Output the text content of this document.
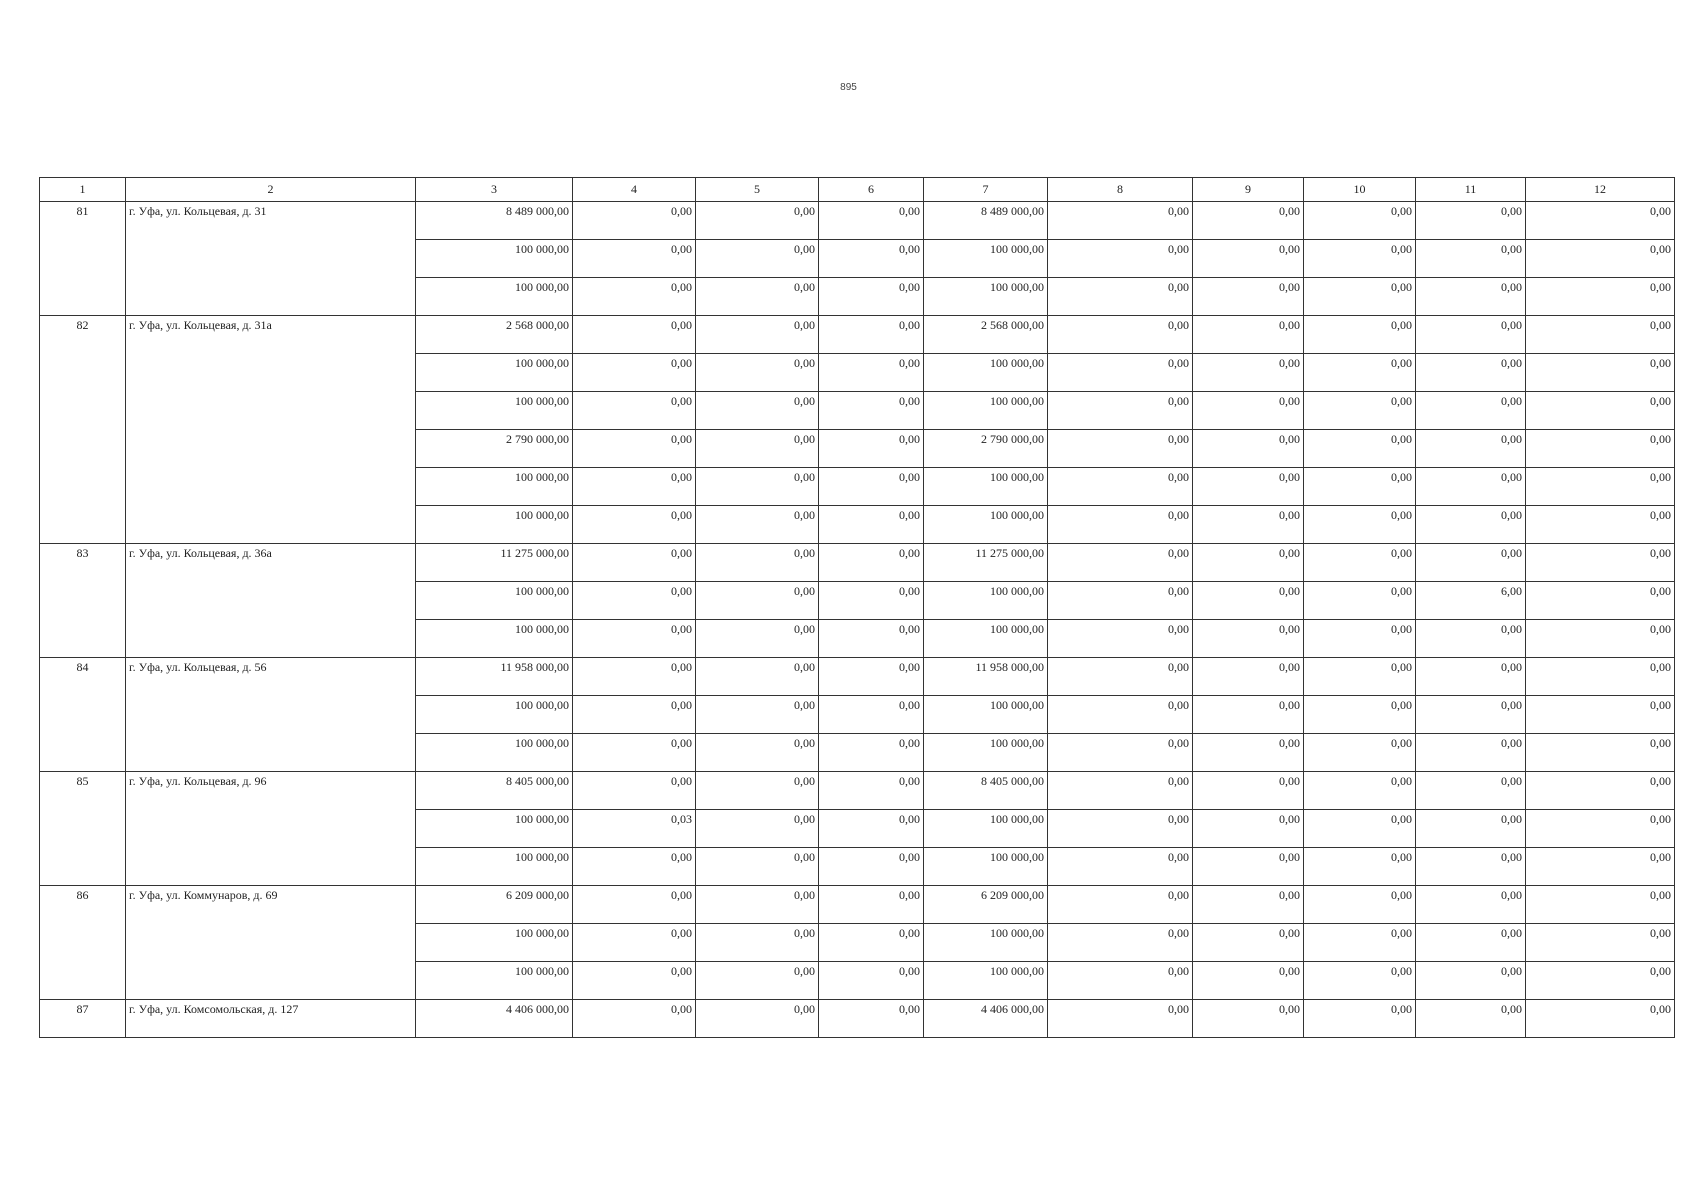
895
1	2	3	4	5	6	7	8	9	10	11	12
81	г. Уфа, ул. Кольцевая, д. 31	8 489 000,00	0,00	0,00	0,00	8 489 000,00	0,00	0,00	0,00	0,00	0,00
		100 000,00	0,00	0,00	0,00	100 000,00	0,00	0,00	0,00	0,00	0,00
		100 000,00	0,00	0,00	0,00	100 000,00	0,00	0,00	0,00	0,00	0,00
82	г. Уфа, ул. Кольцевая, д. 31а	2 568 000,00	0,00	0,00	0,00	2 568 000,00	0,00	0,00	0,00	0,00	0,00
		100 000,00	0,00	0,00	0,00	100 000,00	0,00	0,00	0,00	0,00	0,00
		100 000,00	0,00	0,00	0,00	100 000,00	0,00	0,00	0,00	0,00	0,00
		2 790 000,00	0,00	0,00	0,00	2 790 000,00	0,00	0,00	0,00	0,00	0,00
		100 000,00	0,00	0,00	0,00	100 000,00	0,00	0,00	0,00	0,00	0,00
		100 000,00	0,00	0,00	0,00	100 000,00	0,00	0,00	0,00	0,00	0,00
83	г. Уфа, ул. Кольцевая, д. 36а	11 275 000,00	0,00	0,00	0,00	11 275 000,00	0,00	0,00	0,00	0,00	0,00
		100 000,00	0,00	0,00	0,00	100 000,00	0,00	0,00	0,00	6,00	0,00
		100 000,00	0,00	0,00	0,00	100 000,00	0,00	0,00	0,00	0,00	0,00
84	г. Уфа, ул. Кольцевая, д. 56	11 958 000,00	0,00	0,00	0,00	11 958 000,00	0,00	0,00	0,00	0,00	0,00
		100 000,00	0,00	0,00	0,00	100 000,00	0,00	0,00	0,00	0,00	0,00
		100 000,00	0,00	0,00	0,00	100 000,00	0,00	0,00	0,00	0,00	0,00
85	г. Уфа, ул. Кольцевая, д. 96	8 405 000,00	0,00	0,00	0,00	8 405 000,00	0,00	0,00	0,00	0,00	0,00
		100 000,00	0,03	0,00	0,00	100 000,00	0,00	0,00	0,00	0,00	0,00
		100 000,00	0,00	0,00	0,00	100 000,00	0,00	0,00	0,00	0,00	0,00
86	г. Уфа, ул. Коммунаров, д. 69	6 209 000,00	0,00	0,00	0,00	6 209 000,00	0,00	0,00	0,00	0,00	0,00
		100 000,00	0,00	0,00	0,00	100 000,00	0,00	0,00	0,00	0,00	0,00
		100 000,00	0,00	0,00	0,00	100 000,00	0,00	0,00	0,00	0,00	0,00
87	г. Уфа, ул. Комсомольская, д. 127	4 406 000,00	0,00	0,00	0,00	4 406 000,00	0,00	0,00	0,00	0,00	0,00
